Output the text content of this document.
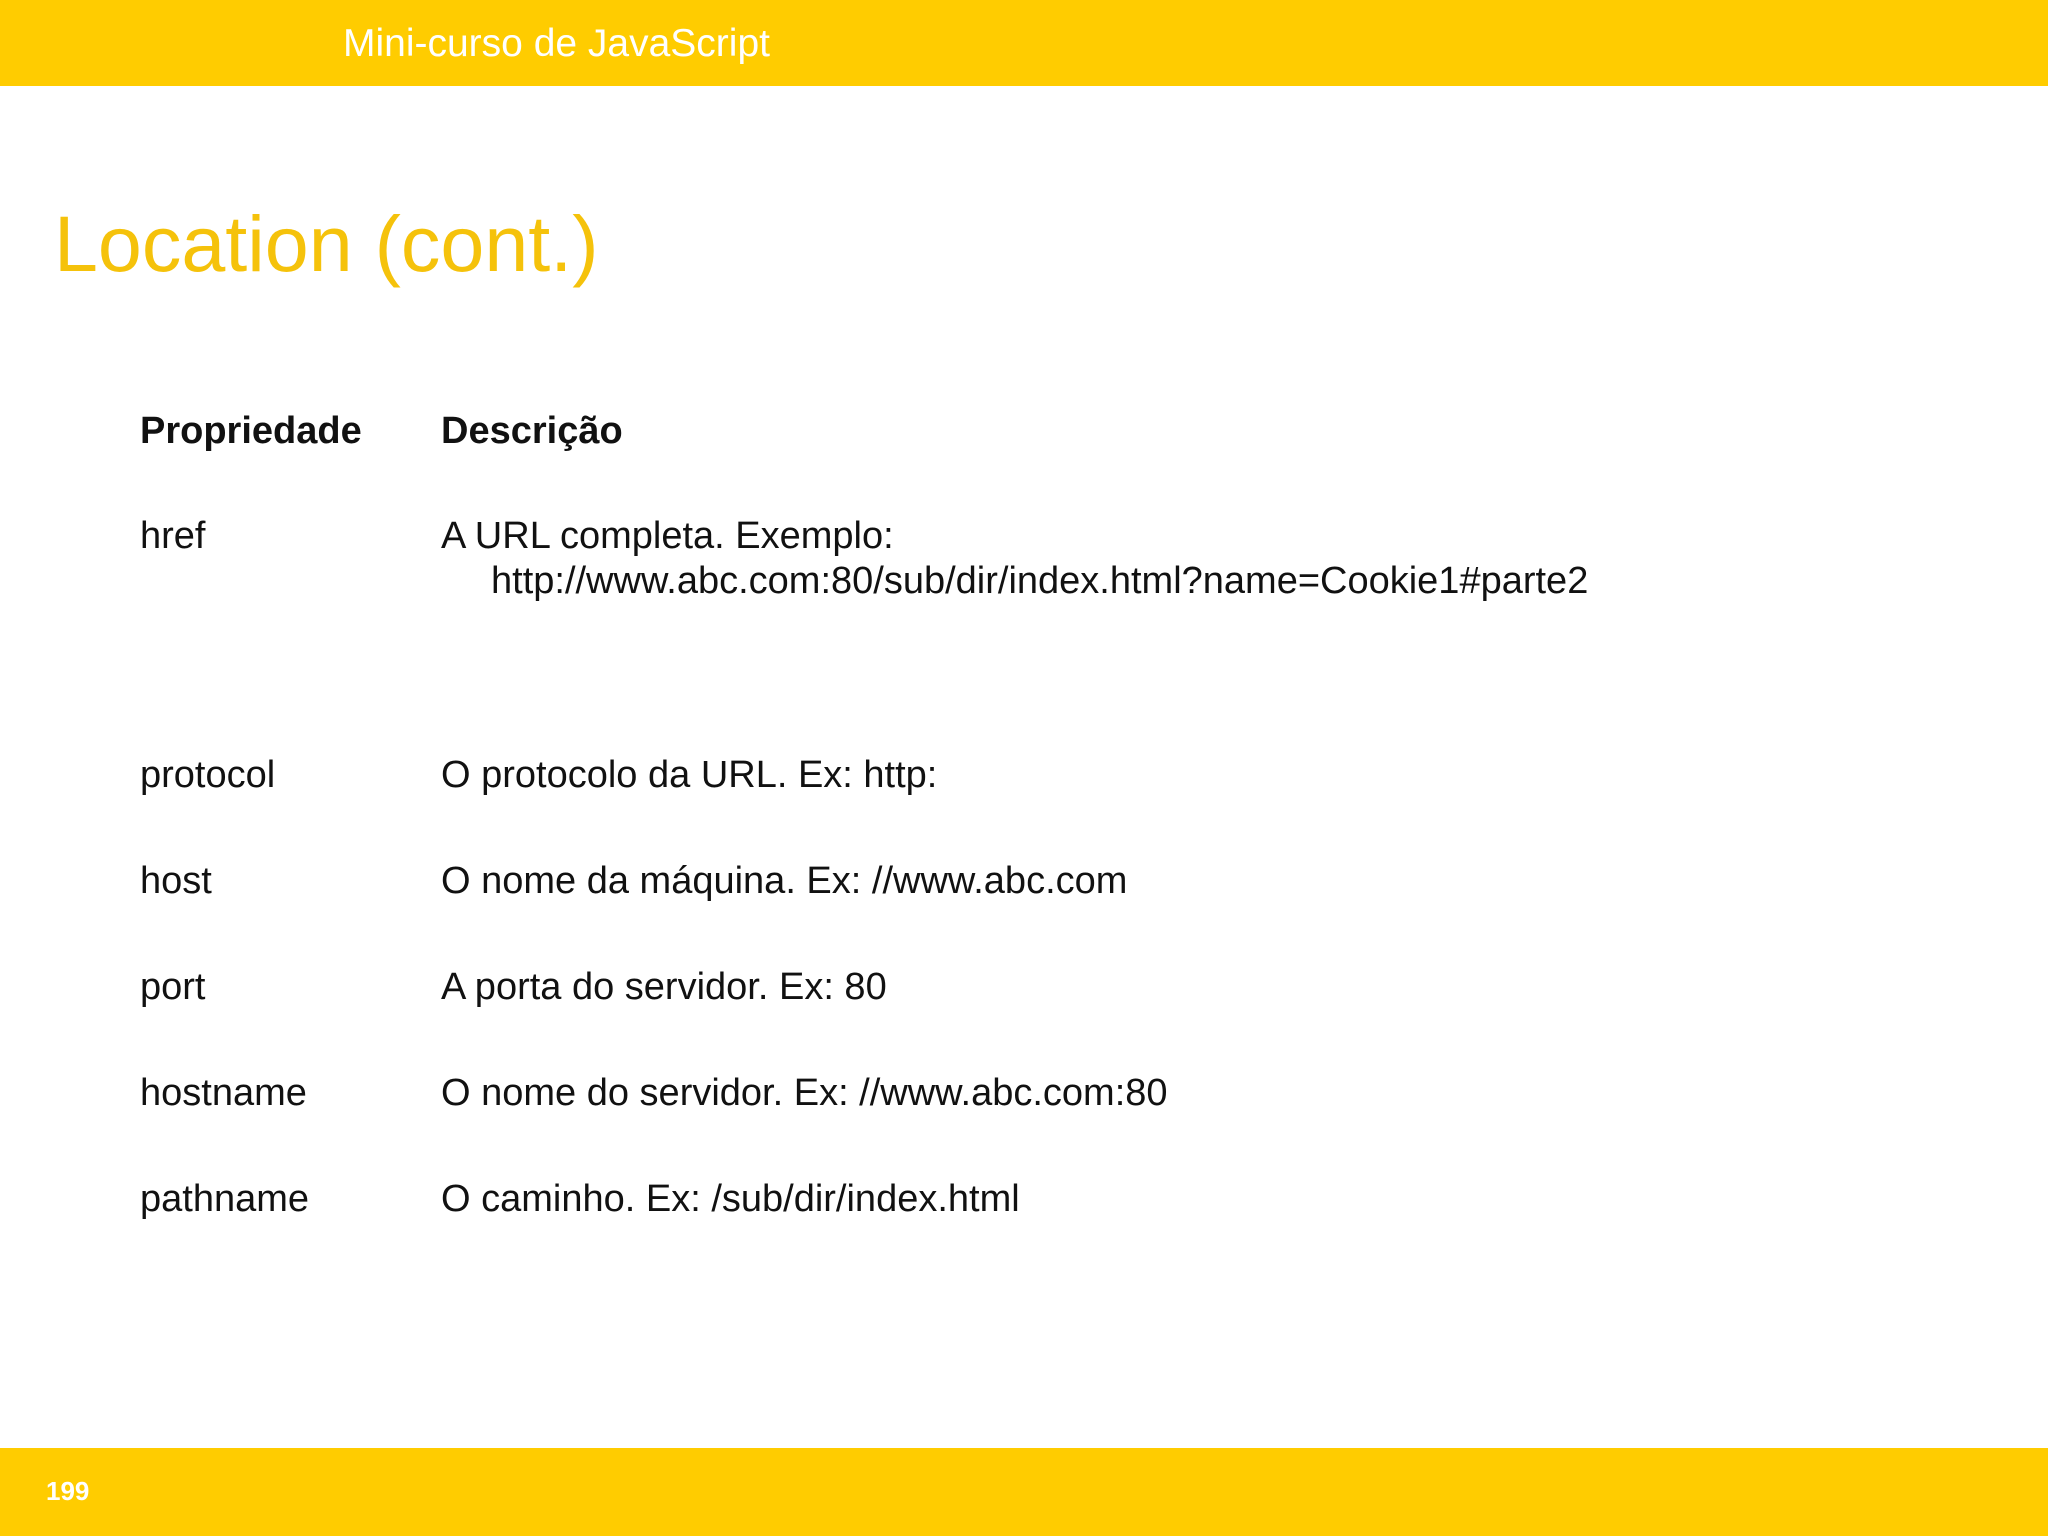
Mini-curso de JavaScript
Location (cont.)
Propriedade Descrição
href	A URL completa. Exemplo:
http://www.abc.com:80/sub/dir/index.html?name=Cookie1#parte2
protocol	O protocolo da URL. Ex: http:
host	O nome da máquina. Ex: //www.abc.com
port	A porta do servidor. Ex: 80
hostname	O nome do servidor. Ex: //www.abc.com:80
pathname	O caminho. Ex: /sub/dir/index.html
199
